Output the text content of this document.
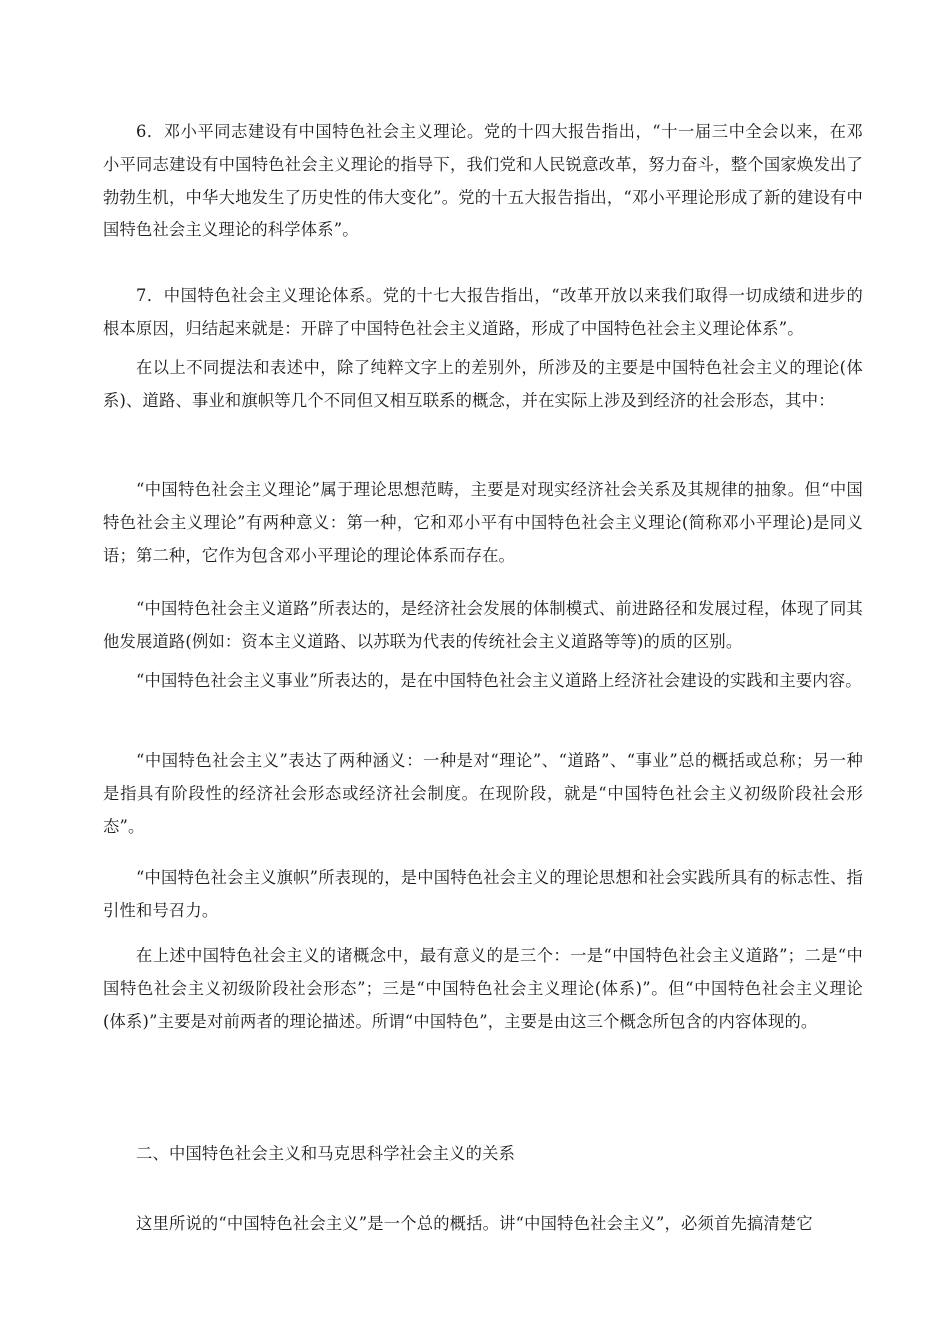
6．邓小平同志建设有中国特色社会主义理论。党的十四大报告指出，“十一届三中全会以来，在邓小平同志建设有中国特色社会主义理论的指导下，我们党和人民锐意改革，努力奋斗，整个国家焕发出了勃勃生机，中华大地发生了历史性的伟大变化”。党的十五大报告指出，“邓小平理论形成了新的建设有中国特色社会主义理论的科学体系”。

7．中国特色社会主义理论体系。党的十七大报告指出，“改革开放以来我们取得一切成绩和进步的根本原因，归结起来就是：开辟了中国特色社会主义道路，形成了中国特色社会主义理论体系”。

在以上不同提法和表述中，除了纯粹文字上的差别外，所涉及的主要是中国特色社会主义的理论(体系)、道路、事业和旗帜等几个不同但又相互联系的概念，并在实际上涉及到经济的社会形态，其中：

“中国特色社会主义理论”属于理论思想范畴，主要是对现实经济社会关系及其规律的抽象。但“中国特色社会主义理论”有两种意义：第一种，它和邓小平有中国特色社会主义理论(简称邓小平理论)是同义语；第二种，它作为包含邓小平理论的理论体系而存在。

“中国特色社会主义道路”所表达的，是经济社会发展的体制模式、前进路径和发展过程，体现了同其他发展道路(例如：资本主义道路、以苏联为代表的传统社会主义道路等等)的质的区别。

“中国特色社会主义事业”所表达的，是在中国特色社会主义道路上经济社会建设的实践和主要内容。

“中国特色社会主义”表达了两种涵义：一种是对“理论”、“道路”、“事业”总的概括或总称；另一种是指具有阶段性的经济社会形态或经济社会制度。在现阶段，就是“中国特色社会主义初级阶段社会形态”。

“中国特色社会主义旗帜”所表现的，是中国特色社会主义的理论思想和社会实践所具有的标志性、指引性和号召力。

在上述中国特色社会主义的诸概念中，最有意义的是三个：一是“中国特色社会主义道路”；二是“中国特色社会主义初级阶段社会形态”；三是“中国特色社会主义理论(体系)”。但“中国特色社会主义理论(体系)”主要是对前两者的理论描述。所谓“中国特色”，主要是由这三个概念所包含的内容体现的。

二、中国特色社会主义和马克思科学社会主义的关系

这里所说的“中国特色社会主义”是一个总的概括。讲“中国特色社会主义”，必须首先搞清楚它
